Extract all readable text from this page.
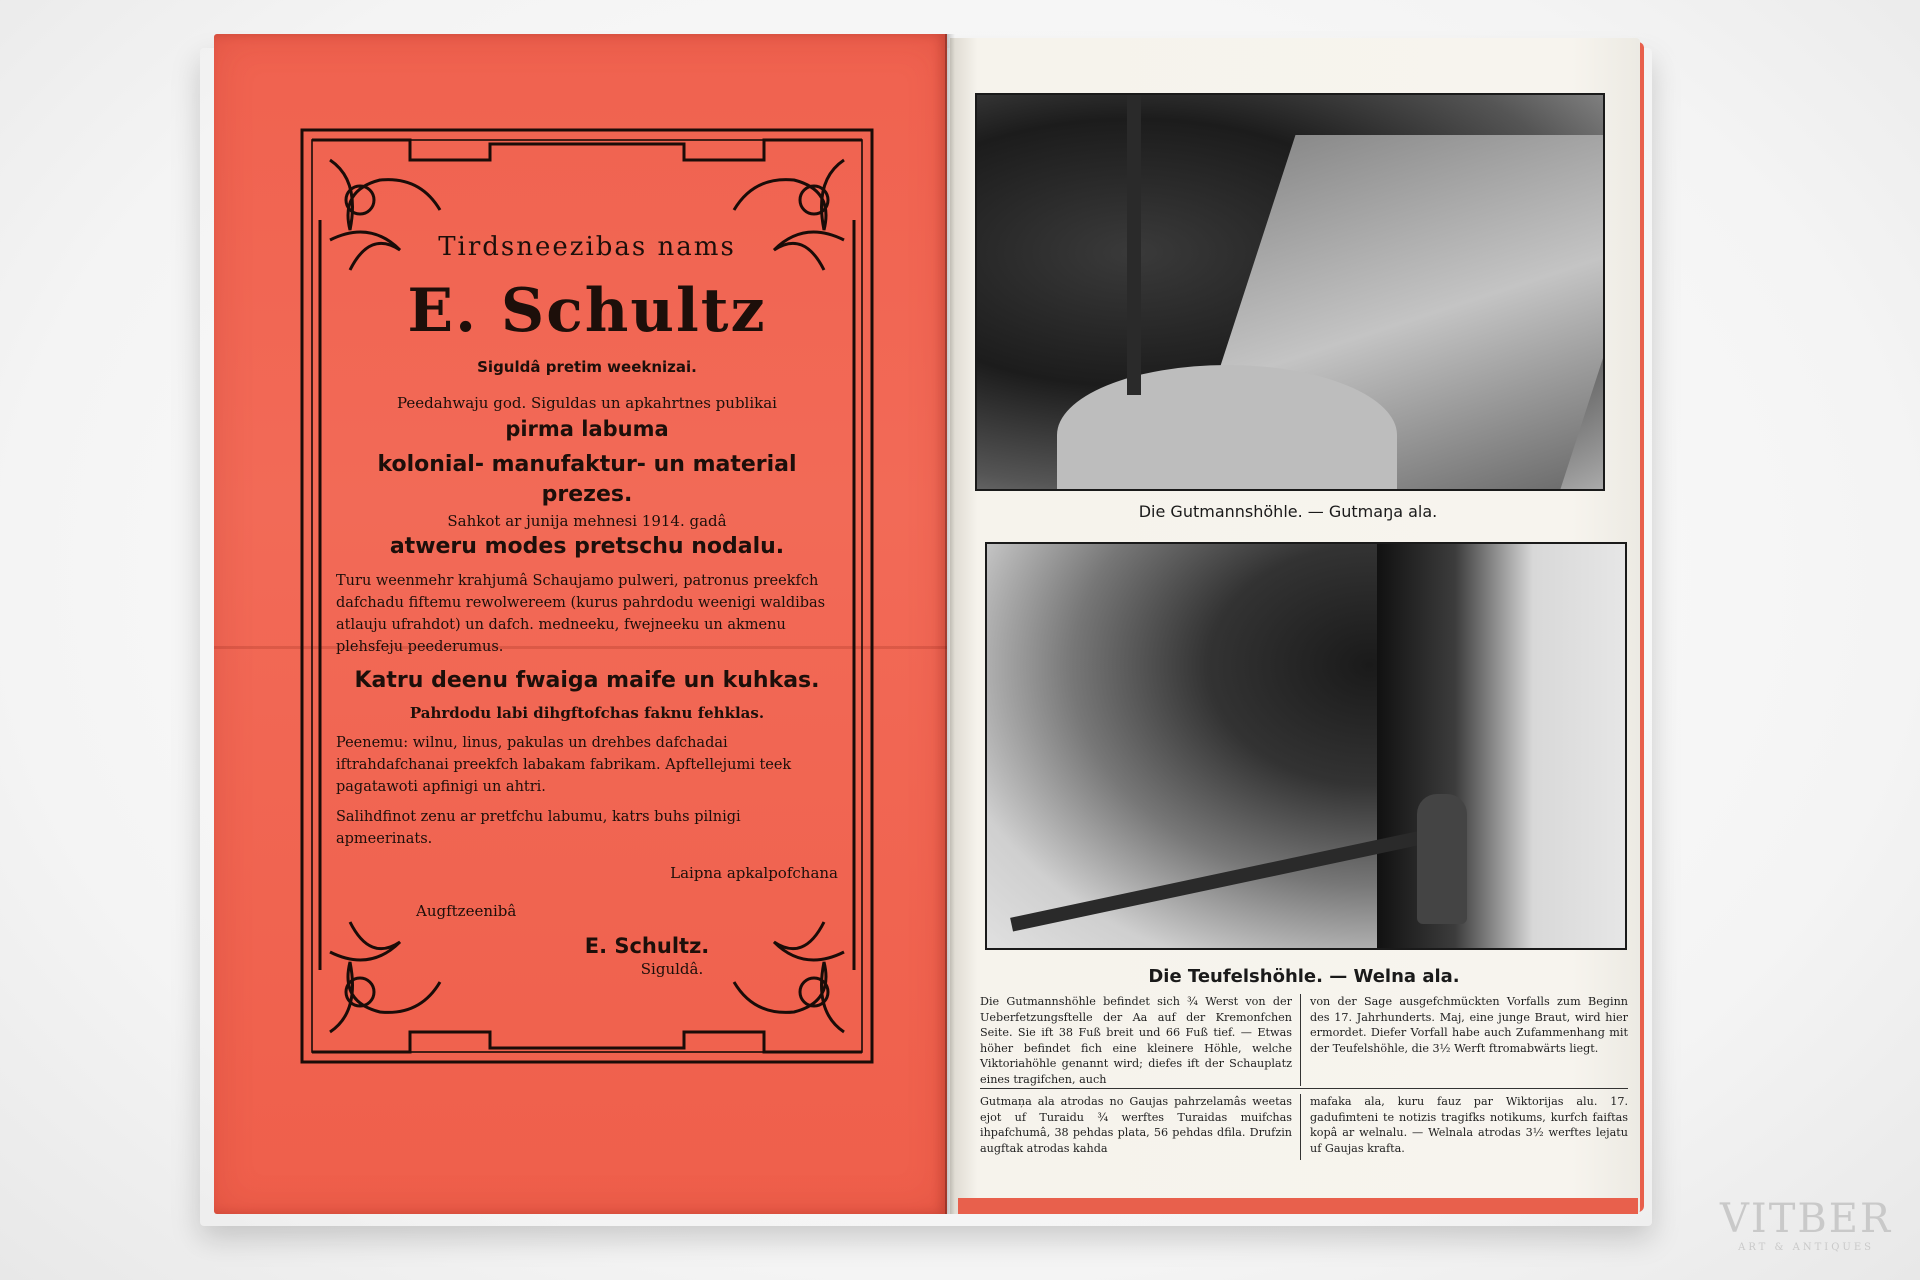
Tirdsneezibas nams
E. Schultz
Siguldâ pretim weeknizai.
Peedahwaju god. Siguldas un apkahrtnes publikai
pirma labuma
kolonial- manufaktur- un material prezes.
Sahkot ar junija mehnesi 1914. gadâ
atweru modes pretschu nodalu.
Turu weenmehr krahjumâ Schaujamo pulweri, patronus preekfch dafchadu fiftemu rewolwereem (kurus pahrdodu weenigi waldibas atlauju ufrahdot) un dafch. medneeku, fwejneeku un akmenu plehsfeju peederumus.
Katru deenu fwaiga maife un kuhkas.
Pahrdodu labi dihgftofchas faknu fehklas.
Peenemu: wilnu, linus, pakulas un drehbes dafchadai iftrahdafchanai preekfch labakam fabrikam. Apftellejumi teek pagatawoti apfinigi un ahtri.
Salihdfinot zenu ar pretfchu labumu, katrs buhs pilnigi apmeerinats.
Laipna apkalpofchana
Augftzeenibâ
E. Schultz.
Siguldâ.
Die Gutmannshöhle. — Gutmaŋa ala.
Die Teufelshöhle. — Welna ala.
Die Gutmannshöhle befindet sich ¾ Werst von der Ueberfetzungsftelle der Aa auf der Kremonfchen Seite. Sie ift 38 Fuß breit und 66 Fuß tief. — Etwas höher befindet fich eine kleinere Höhle, welche Viktoriahöhle genannt wird; diefes ift der Schauplatz eines tragifchen, auch
von der Sage ausgefchmückten Vorfalls zum Beginn des 17. Jahrhunderts. Maj, eine junge Braut, wird hier ermordet. Diefer Vorfall habe auch Zufammenhang mit der Teufelshöhle, die 3½ Werft ftromabwärts liegt.
Gutmaņa ala atrodas no Gaujas pahrzelamâs weetas ejot uf Turaidu ¾ werftes Turaidas muifchas ihpafchumâ, 38 pehdas plata, 56 pehdas dfila. Drufzin augftak atrodas kahda
mafaka ala, kuru fauz par Wiktorijas alu. 17. gadufimteni te notizis tragifks notikums, kurfch faiftas kopâ ar welnalu. — Welnala atrodas 3½ werftes lejatu uf Gaujas krafta.
VITBER
ART & ANTIQUES
